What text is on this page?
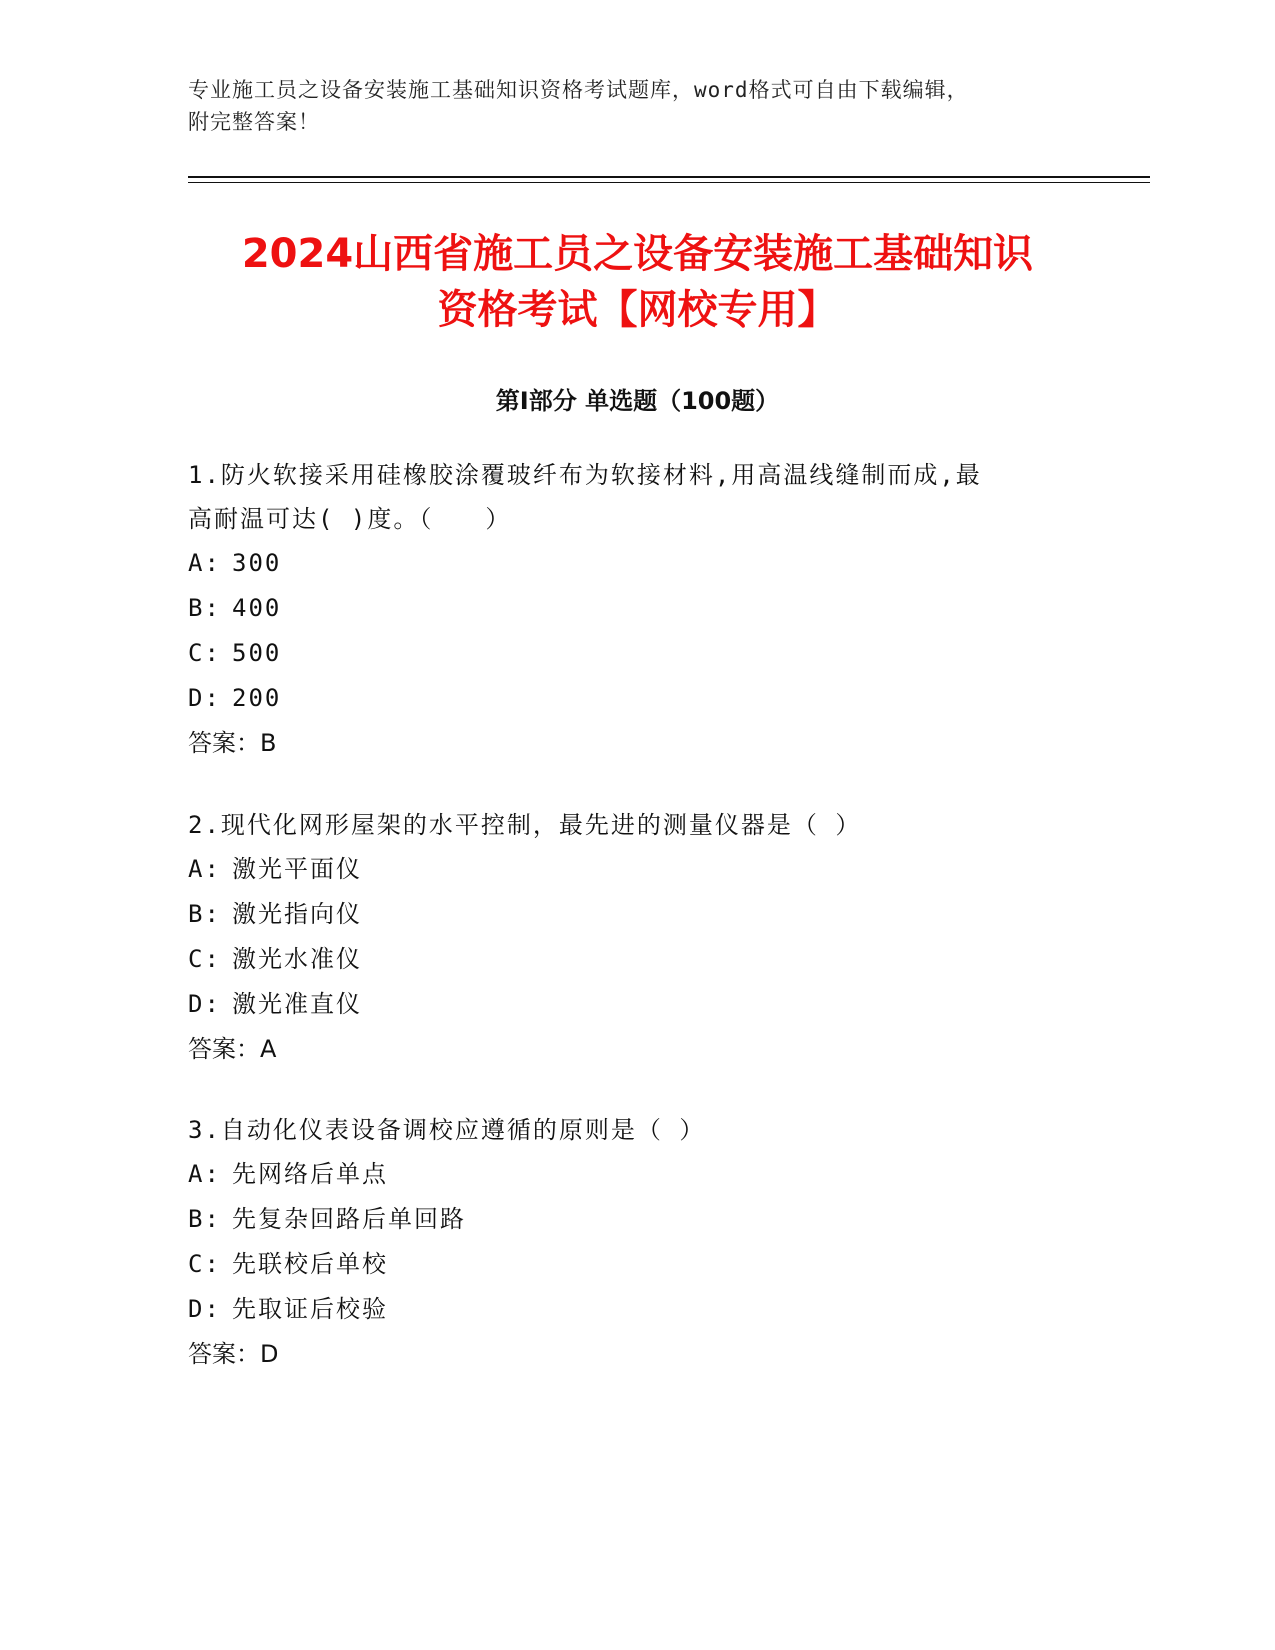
专业施工员之设备安装施工基础知识资格考试题库，word格式可自由下载编辑，
附完整答案！
2024山西省施工员之设备安装施工基础知识
资格考试【网校专用】
第Ⅰ部分 单选题（100题）
1.防火软接采用硅橡胶涂覆玻纤布为软接材料,用高温线缝制而成,最
高耐温可达( )度。（　　）
A: 300
B: 400
C: 500
D: 200
答案：B
2.现代化网形屋架的水平控制，最先进的测量仪器是（ ）
A: 激光平面仪
B: 激光指向仪
C: 激光水准仪
D: 激光准直仪
答案：A
3.自动化仪表设备调校应遵循的原则是（ ）
A: 先网络后单点
B: 先复杂回路后单回路
C: 先联校后单校
D: 先取证后校验
答案：D
